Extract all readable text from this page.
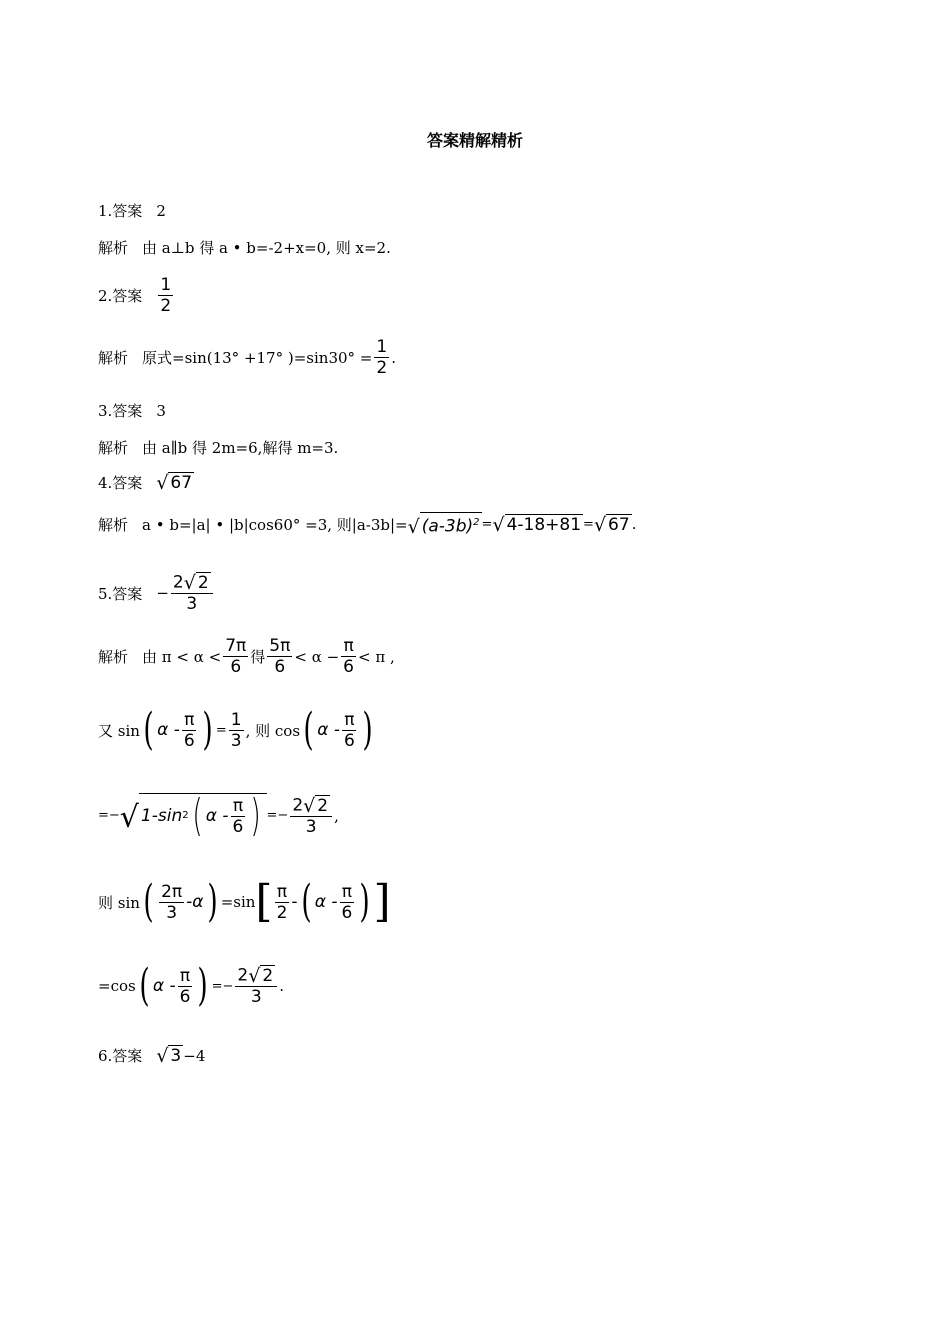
答案精解精析
1.答案 2
解析 由 a⊥b 得 a • b=-2+x=0, 则 x=2.
2.答案 $\frac{1}{2}$
解析 原式=sin(13° +17° )$=\sin 30^\circ = \frac{1}{2}$ .
3.答案 3
解析 由 a∥b 得 2m=6,解得 m=3.
4.答案 √ 67
解析 a • b=|a| • |b|cos60° =3, 则|a-3b|= √ $(a-3b)^2$ = √ 4-18+81 = √ 67 .
5.答案 − $\frac{2 √ 2}{3}$
解析 由 $\pi < \alpha < \frac{7\pi}{6}$ 得 $\frac{5\pi}{6} < \alpha - \frac{\pi}{6} < \pi$ ,
又 sin ( α - $\frac{\pi}{6}$ ) = $\frac{1}{3}$ , 则 cos ( α - $\frac{\pi}{6}$ )
=− √ 1-sin 2 ( α - $\frac{\pi}{6}$ ) =− $\frac{2 √ 2}{3}$ ,
则 sin ( $\frac{2\pi}{3} -\alpha$ ) =sin [ $\frac{\pi}{2}$ - ( α - $\frac{\pi}{6}$ ) ]
=cos ( α - $\frac{\pi}{6}$ ) =− $\frac{2 √ 2}{3}$ .
6.答案 √ 3 −4
